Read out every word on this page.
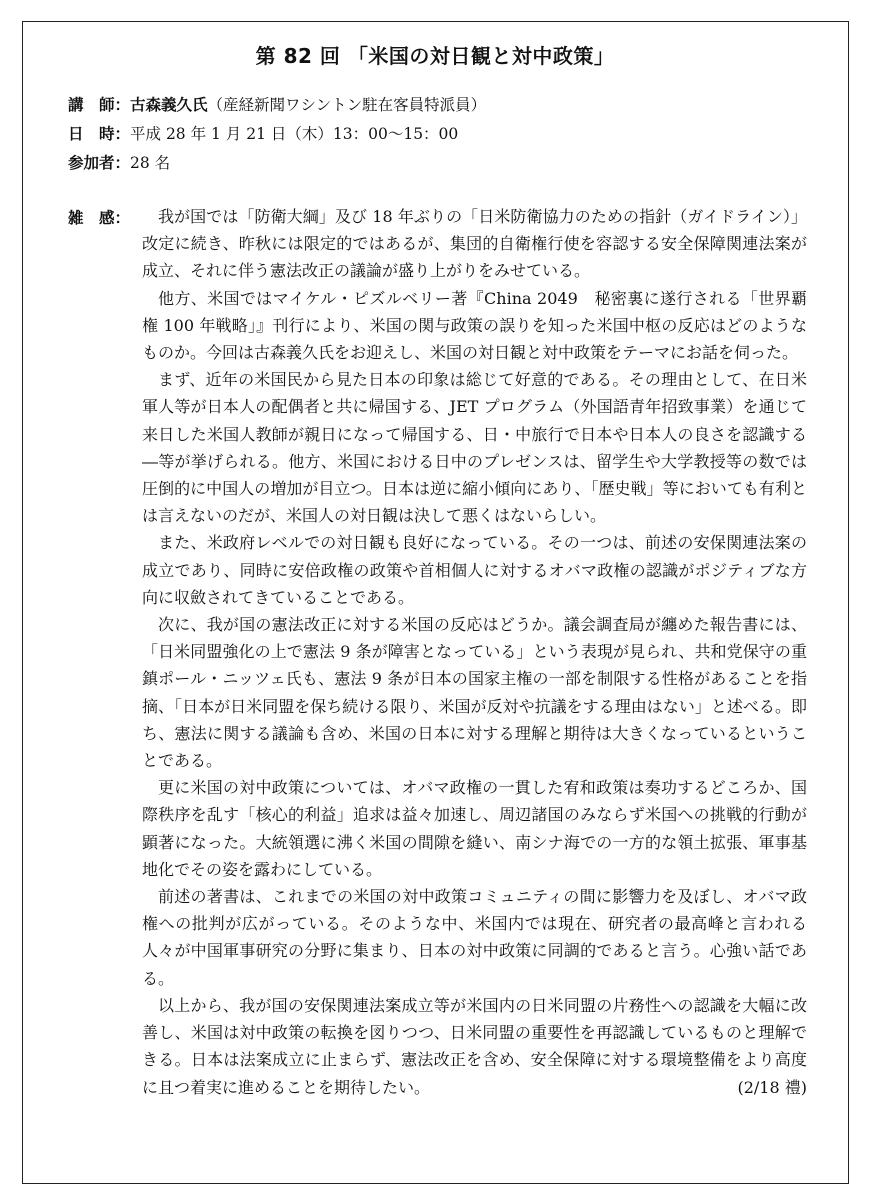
第 82 回 「米国の対日観と対中政策」
講　師：古森義久氏（産経新聞ワシントン駐在客員特派員）
日　時：平成 28 年 1 月 21 日（木）13：00〜15：00
参加者：28 名
雑　感：	我が国では「防衛大綱」及び 18 年ぶりの「日米防衛協力のための指針（ガイドライン）」改定に続き、昨秋には限定的ではあるが、集団的自衛権行使を容認する安全保障関連法案が成立、それに伴う憲法改正の議論が盛り上がりをみせている。

他方、米国ではマイケル・ピズルベリー著『China 2049　秘密裏に遂行される「世界覇権 100 年戦略」』刊行により、米国の関与政策の誤りを知った米国中枢の反応はどのようなものか。今回は古森義久氏をお迎えし、米国の対日観と対中政策をテーマにお話を伺った。

まず、近年の米国民から見た日本の印象は総じて好意的である。その理由として、在日米軍人等が日本人の配偶者と共に帰国する、JET プログラム（外国語青年招致事業）を通じて来日した米国人教師が親日になって帰国する、日・中旅行で日本や日本人の良さを認識する―等が挙げられる。他方、米国における日中のプレゼンスは、留学生や大学教授等の数では圧倒的に中国人の増加が目立つ。日本は逆に縮小傾向にあり、「歴史戦」等においても有利とは言えないのだが、米国人の対日観は決して悪くはないらしい。

また、米政府レベルでの対日観も良好になっている。その一つは、前述の安保関連法案の成立であり、同時に安倍政権の政策や首相個人に対するオバマ政権の認識がポジティブな方向に収斂されてきていることである。

次に、我が国の憲法改正に対する米国の反応はどうか。議会調査局が纏めた報告書には、「日米同盟強化の上で憲法 9 条が障害となっている」という表現が見られ、共和党保守の重鎮ポール・ニッツェ氏も、憲法 9 条が日本の国家主権の一部を制限する性格があることを指摘、「日本が日米同盟を保ち続ける限り、米国が反対や抗議をする理由はない」と述べる。即ち、憲法に関する議論も含め、米国の日本に対する理解と期待は大きくなっているということである。

更に米国の対中政策については、オバマ政権の一貫した宥和政策は奏功するどころか、国際秩序を乱す「核心的利益」追求は益々加速し、周辺諸国のみならず米国への挑戦的行動が顕著になった。大統領選に沸く米国の間隙を縫い、南シナ海での一方的な領土拡張、軍事基地化でその姿を露わにしている。

前述の著書は、これまでの米国の対中政策コミュニティの間に影響力を及ぼし、オバマ政権への批判が広がっている。そのような中、米国内では現在、研究者の最高峰と言われる人々が中国軍事研究の分野に集まり、日本の対中政策に同調的であると言う。心強い話である。

以上から、我が国の安保関連法案成立等が米国内の日米同盟の片務性への認識を大幅に改善し、米国は対中政策の転換を図りつつ、日米同盟の重要性を再認識しているものと理解できる。日本は法案成立に止まらず、憲法改正を含め、安全保障に対する環境整備をより高度に且つ着実に進めることを期待したい。	(2/18 禮)
